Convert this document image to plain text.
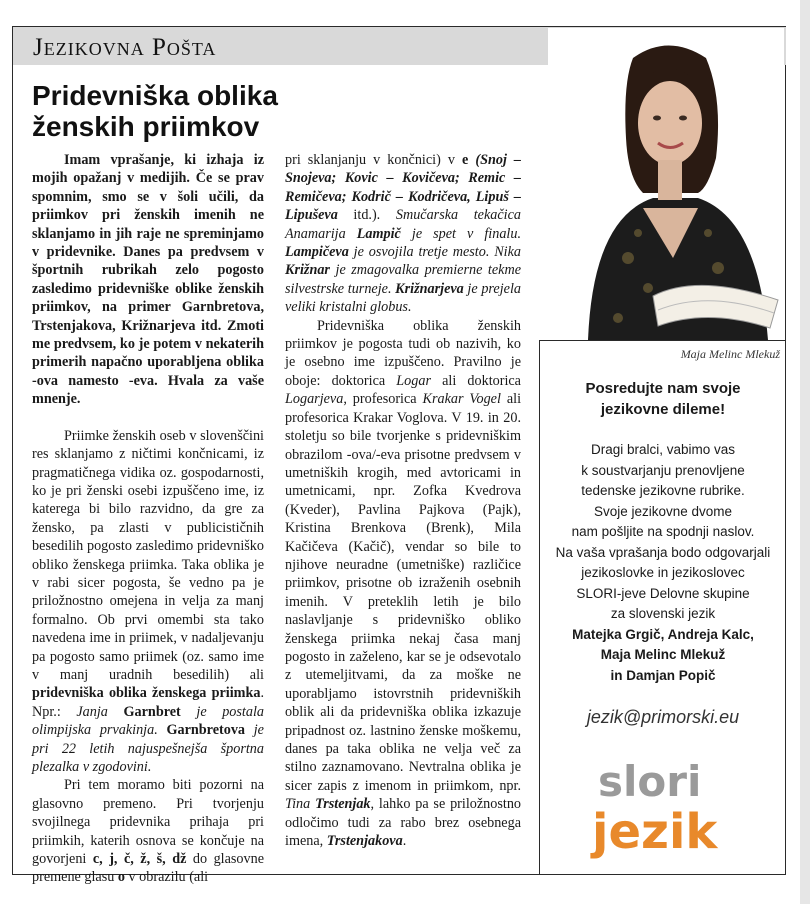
Jezikovna Pošta
Pridevniška oblika
ženskih priimkov

Imam vprašanje, ki izhaja iz mojih opažanj v medijih. Če se prav spomnim, smo se v šoli učili, da priimkov pri ženskih imenih ne sklanjamo in jih raje ne spreminjamo v pridevnike. Danes pa predvsem v športnih rubrikah zelo pogosto zasledimo pridevniške oblike ženskih priimkov, na primer Garnbretova, Trstenjakova, Križnarjeva itd. Zmoti me predvsem, ko je potem v nekaterih primerih napačno uporabljena oblika -ova namesto -eva. Hvala za vaše mnenje.

Priimke ženskih oseb v slovenščini res sklanjamo z ničtimi končnicami, iz pragmatičnega vidika oz. gospodarnosti, ko je pri ženski osebi izpuščeno ime, iz katerega bi bilo razvidno, da gre za žensko, pa zlasti v publicističnih besedilih pogosto zasledimo pridevniško obliko ženskega priimka. Taka oblika je v rabi sicer pogosta, še vedno pa je priložnostno omejena in velja za manj formalno. Ob prvi omembi sta tako navedena ime in priimek, v nadaljevanju pa pogosto samo priimek (oz. samo ime v manj uradnih besedilih) ali pridevniška oblika ženskega priimka. Npr.: Janja Garnbret je postala olimpijska prvakinja. Garnbretova je pri 22 letih najuspešnejša športna plezalka v zgodovini.

Pri tem moramo biti pozorni na glasovno premeno. Pri tvorjenju svojilnega pridevnika prihaja pri priimkih, katerih osnova se končuje na govorjeni c, j, č, ž, š, dž do glasovne premene glasu o v obrazilu (ali

pri sklanjanju v končnici) v e (Snoj – Snojeva; Kovic – Kovičeva; Remic – Remičeva; Kodrič – Kodričeva, Lipuš – Lipuševa itd.). Smučarska tekačica Anamarija Lampič je spet v finalu. Lampičeva je osvojila tretje mesto. Nika Križnar je zmagovalka premierne tekme silvestrske turneje. Križnarjeva je prejela veliki kristalni globus.

Pridevniška oblika ženskih priimkov je pogosta tudi ob nazivih, ko je osebno ime izpuščeno. Pravilno je oboje: doktorica Logar ali doktorica Logarjeva, profesorica Krakar Vogel ali profesorica Krakar Voglova. V 19. in 20. stoletju so bile tvorjenke s pridevniškim obrazilom -ova/-eva prisotne predvsem v umetniških krogih, med avtoricami in umetnicami, npr. Zofka Kvedrova (Kveder), Pavlina Pajkova (Pajk), Kristina Brenkova (Brenk), Mila Kačičeva (Kačič), vendar so bile to njihove neuradne (umetniške) različice priimkov, prisotne ob izraženih osebnih imenih. V preteklih letih je bilo naslavljanje s pridevniško obliko ženskega priimka nekaj časa manj pogosto in zaželeno, kar se je odsevotalo z utemeljitvami, da za moške ne uporabljamo istovrstnih pridevniških oblik ali da pridevniška oblika izkazuje pripadnost oz. lastnino ženske moškemu, danes pa taka oblika ne velja več za stilno zaznamovano. Nevtralna oblika je sicer zapis z imenom in priimkom, npr. Tina Trstenjak, lahko pa se priložnostno odločimo tudi za rabo brez osebnega imena, Trstenjakova.

Maja Melinc Mlekuž
Posredujte nam svoje
jezikovne dileme!
Dragi bralci, vabimo vas
k soustvarjanju prenovljene
tedenske jezikovne rubrike.
Svoje jezikovne dvome
nam pošljite na spodnji naslov.
Na vaša vprašanja bodo odgovarjali
jezikoslovke in jezikoslovec
SLORI-jeve Delovne skupine
za slovenski jezik
Matejka Grgič, Andreja Kalc,
Maja Melinc Mlekuž
in Damjan Popič
jezik@primorski.eu
slori
jezik
